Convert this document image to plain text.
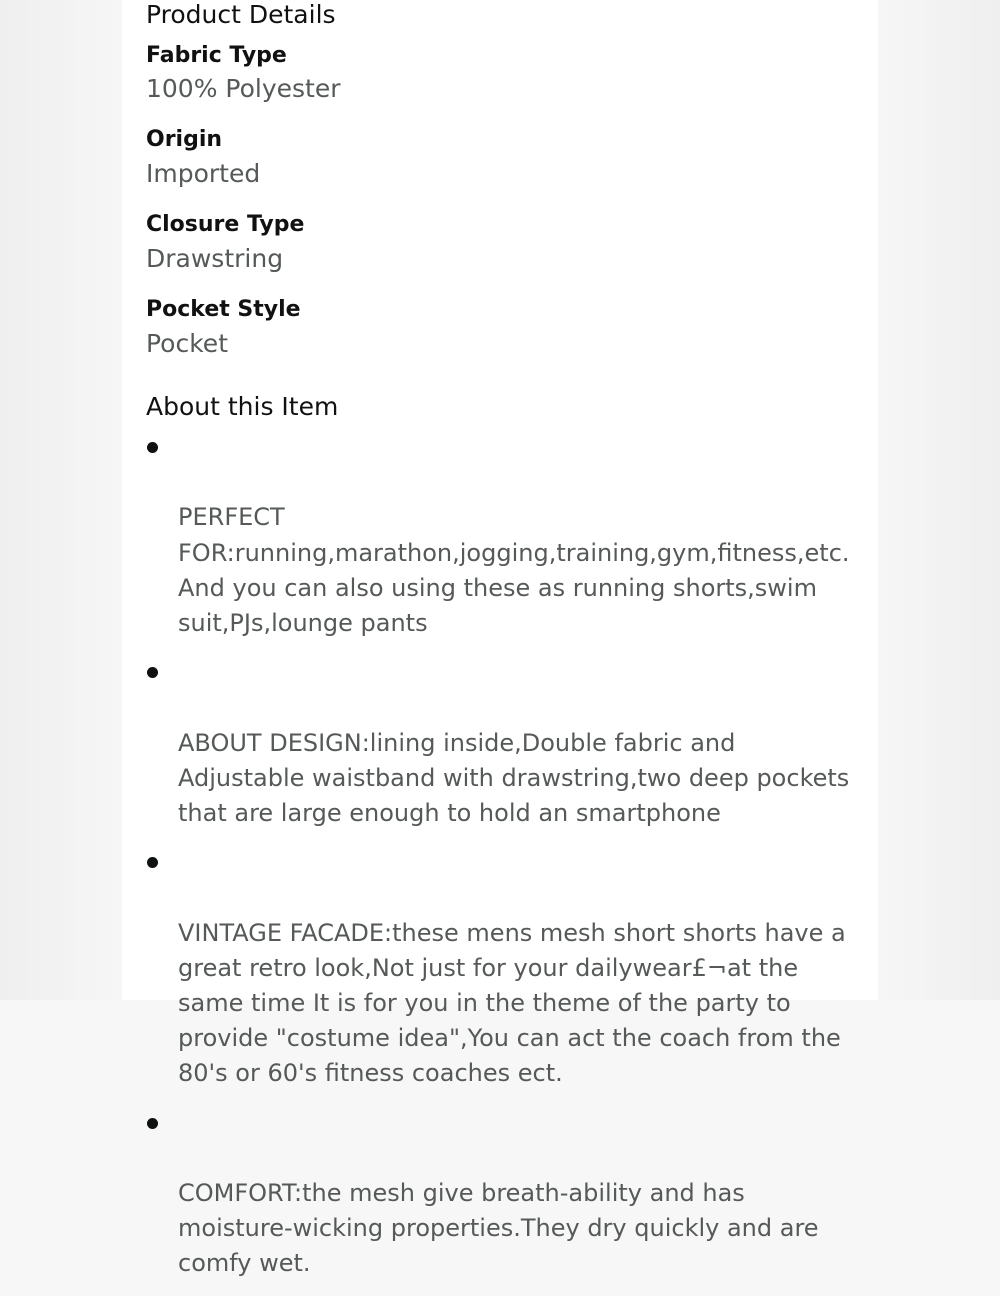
Product Details
Fabric Type
100% Polyester
Origin
Imported
Closure Type
Drawstring
Pocket Style
Pocket
About this Item

PERFECT
FOR:running,marathon,jogging,training,gym,fitness,etc.
And you can also using these as running shorts,swim
suit,PJs,lounge pants

ABOUT DESIGN:lining inside,Double fabric and
Adjustable waistband with drawstring,two deep pockets
that are large enough to hold an smartphone

VINTAGE FACADE:these mens mesh short shorts have a
great retro look,Not just for your dailywear£¬at the
same time It is for you in the theme of the party to
provide "costume idea",You can act the coach from the
80's or 60's fitness coaches ect.

COMFORT:the mesh give breath-ability and has
moisture-wicking properties.They dry quickly and are
comfy wet.
